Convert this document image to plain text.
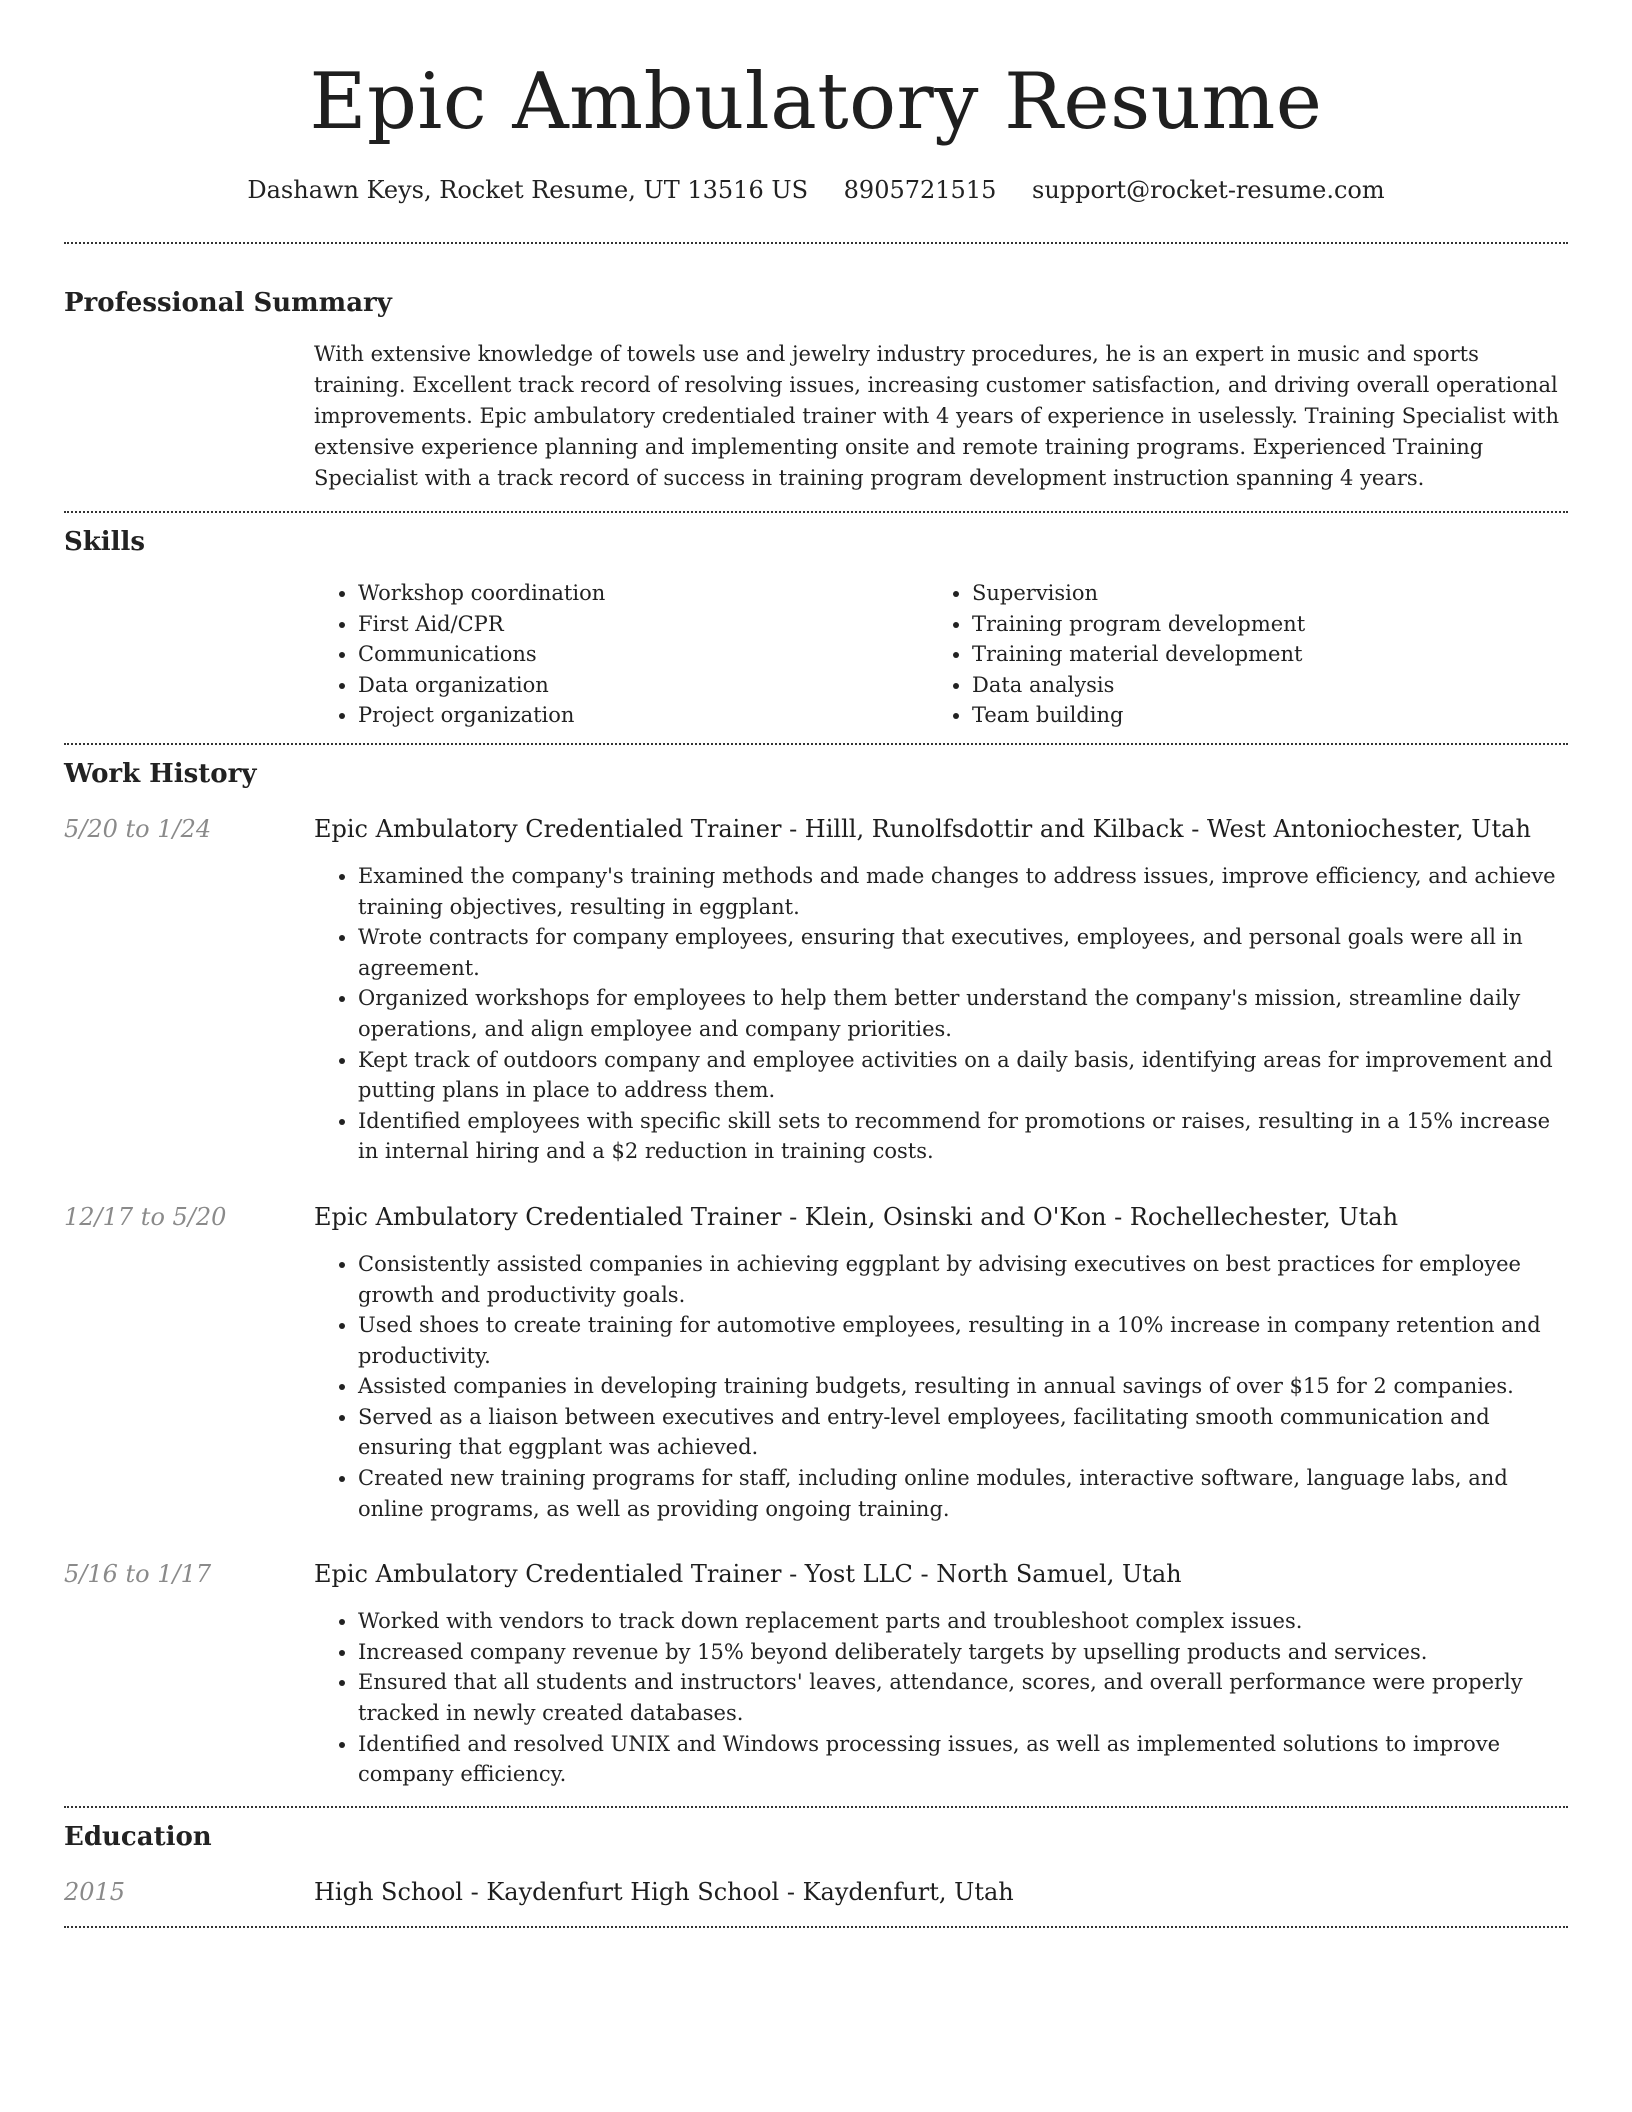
Epic Ambulatory Resume
Dashawn Keys, Rocket Resume, UT 13516 US 8905721515 support@rocket-resume.com
Professional Summary

With extensive knowledge of towels use and jewelry industry procedures, he is an expert in music and sports training. Excellent track record of resolving issues, increasing customer satisfaction, and driving overall operational improvements. Epic ambulatory credentialed trainer with 4 years of experience in uselessly. Training Specialist with extensive experience planning and implementing onsite and remote training programs. Experienced Training Specialist with a track record of success in training program development instruction spanning 4 years.

Skills
• Workshop coordination
• First Aid/CPR
• Communications
• Data organization
• Project organization
• Supervision
• Training program development
• Training material development
• Data analysis
• Team building
Work History
5/20 to 1/24	Epic Ambulatory Credentialed Trainer - Hilll, Runolfsdottir and Kilback - West Antoniochester, Utah
• Examined the company's training methods and made changes to address issues, improve efficiency, and achieve training objectives, resulting in eggplant.
• Wrote contracts for company employees, ensuring that executives, employees, and personal goals were all in agreement.
• Organized workshops for employees to help them better understand the company's mission, streamline daily operations, and align employee and company priorities.
• Kept track of outdoors company and employee activities on a daily basis, identifying areas for improvement and putting plans in place to address them.
• Identified employees with specific skill sets to recommend for promotions or raises, resulting in a 15% increase in internal hiring and a $2 reduction in training costs.
12/17 to 5/20	Epic Ambulatory Credentialed Trainer - Klein, Osinski and O'Kon - Rochellechester, Utah
• Consistently assisted companies in achieving eggplant by advising executives on best practices for employee growth and productivity goals.
• Used shoes to create training for automotive employees, resulting in a 10% increase in company retention and productivity.
• Assisted companies in developing training budgets, resulting in annual savings of over $15 for 2 companies.
• Served as a liaison between executives and entry-level employees, facilitating smooth communication and ensuring that eggplant was achieved.
• Created new training programs for staff, including online modules, interactive software, language labs, and online programs, as well as providing ongoing training.
5/16 to 1/17	Epic Ambulatory Credentialed Trainer - Yost LLC - North Samuel, Utah
• Worked with vendors to track down replacement parts and troubleshoot complex issues.
• Increased company revenue by 15% beyond deliberately targets by upselling products and services.
• Ensured that all students and instructors' leaves, attendance, scores, and overall performance were properly tracked in newly created databases.
• Identified and resolved UNIX and Windows processing issues, as well as implemented solutions to improve company efficiency.
Education
2015	High School - Kaydenfurt High School - Kaydenfurt, Utah
